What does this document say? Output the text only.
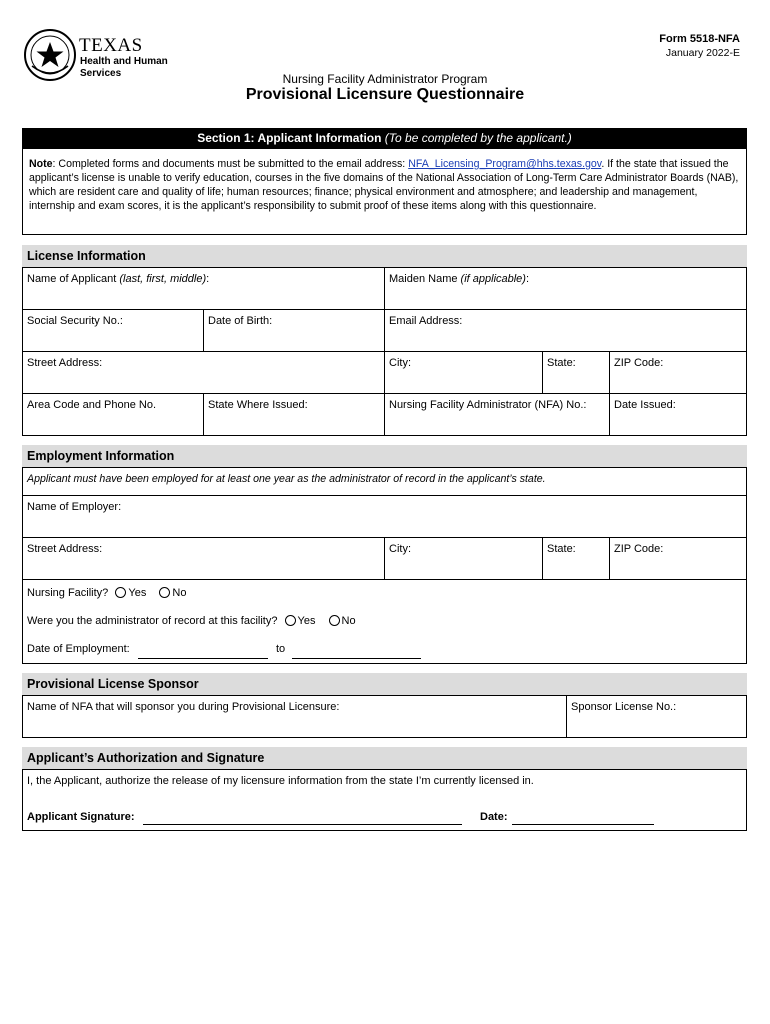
TEXAS
Health and Human
Services
Form 5518-NFA
January 2022-E
Nursing Facility Administrator Program
Provisional Licensure Questionnaire
Section 1: Applicant Information (To be completed by the applicant.)
Note: Completed forms and documents must be submitted to the email address: NFA_Licensing_Program@hhs.texas.gov. If the state that issued the applicant’s license is unable to verify education, courses in the five domains of the National Association of Long-Term Care Administrator Boards (NAB), which are resident care and quality of life; human resources; finance; physical environment and atmosphere; and leadership and management, internship and exam scores, it is the applicant’s responsibility to submit proof of these items along with this questionnaire.
License Information
Name of Applicant (last, first, middle):	Maiden Name (if applicable):
Social Security No.:	Date of Birth:	Email Address:
Street Address:	City:	State:	ZIP Code:
Area Code and Phone No.	State Where Issued:	Nursing Facility Administrator (NFA) No.:	Date Issued:
Employment Information
Applicant must have been employed for at least one year as the administrator of record in the applicant’s state.
Name of Employer:
Street Address:	City:	State:	ZIP Code:
Nursing Facility? Yes No
Were you the administrator of record at this facility? Yes No
Date of Employment:	to
Provisional License Sponsor
Name of NFA that will sponsor you during Provisional Licensure:	Sponsor License No.:
Applicant’s Authorization and Signature
I, the Applicant, authorize the release of my licensure information from the state I’m currently licensed in.
Applicant Signature:	Date:
